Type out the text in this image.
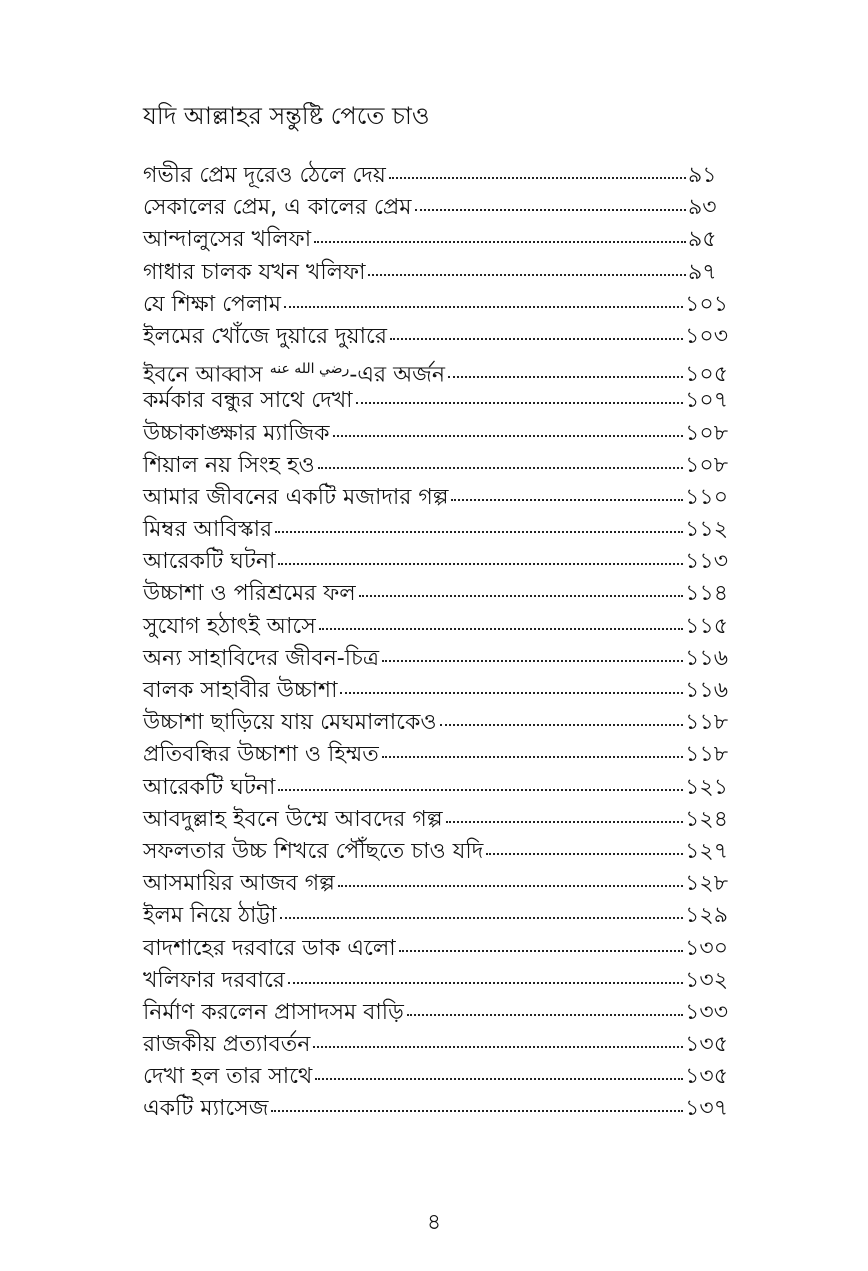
যদি আল্লাহর সন্তুষ্টি পেতে চাও
গভীর প্রেম দূরেও ঠেলে দেয়	৯১
সেকালের প্রেম, এ কালের প্রেম	৯৩
আন্দালুসের খলিফা	৯৫
গাধার চালক যখন খলিফা	৯৭
যে শিক্ষা পেলাম	১০১
ইলমের খোঁজে দুয়ারে দুয়ারে	১০৩
ইবনে আব্বাস $^{رضي الله عنه}$-এর অর্জন	১০৫
কর্মকার বন্ধুর সাথে দেখা	১০৭
উচ্চাকাঙ্ক্ষার ম্যাজিক	১০৮
শিয়াল নয় সিংহ হও	১০৮
আমার জীবনের একটি মজাদার গল্প	১১০
মিম্বর আবিস্কার	১১২
আরেকটি ঘটনা	১১৩
উচ্চাশা ও পরিশ্রমের ফল	১১৪
সুযোগ হঠাৎই আসে	১১৫
অন্য সাহাবিদের জীবন-চিত্র	১১৬
বালক সাহাবীর উচ্চাশা	১১৬
উচ্চাশা ছাড়িয়ে যায় মেঘমালাকেও	১১৮
প্রতিবন্ধির উচ্চাশা ও হিম্মত	১১৮
আরেকটি ঘটনা	১২১
আবদুল্লাহ ইবনে উম্মে আবদের গল্প	১২৪
সফলতার উচ্চ শিখরে পৌঁছতে চাও যদি	১২৭
আসমায়ির আজব গল্প	১২৮
ইলম নিয়ে ঠাট্টা	১২৯
বাদশাহের দরবারে ডাক এলো	১৩০
খলিফার দরবারে	১৩২
নির্মাণ করলেন প্রাসাদসম বাড়ি	১৩৩
রাজকীয় প্রত্যাবর্তন	১৩৫
দেখা হল তার সাথে	১৩৫
একটি ম্যাসেজ	১৩৭
৪
